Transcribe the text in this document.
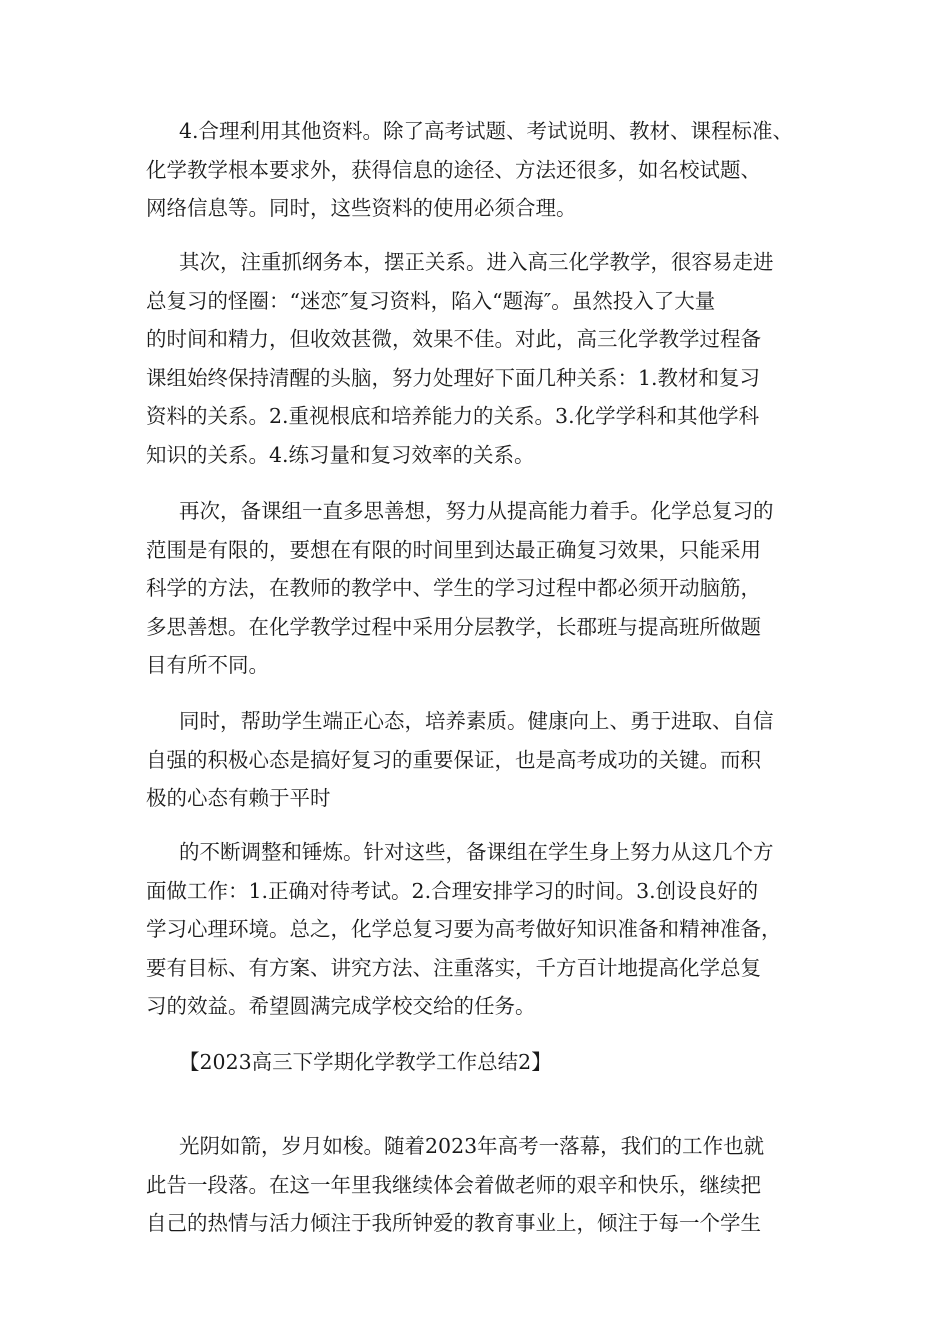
4.合理利用其他资料。除了高考试题、考试说明、教材、课程标准、
化学教学根本要求外，获得信息的途径、方法还很多，如名校试题、
网络信息等。同时，这些资料的使用必须合理。

其次，注重抓纲务本，摆正关系。进入高三化学教学，很容易走进
总复习的怪圈：“迷恋″复习资料，陷入“题海″。虽然投入了大量
的时间和精力，但收效甚微，效果不佳。对此，高三化学教学过程备
课组始终保持清醒的头脑，努力处理好下面几种关系：1.教材和复习
资料的关系。2.重视根底和培养能力的关系。3.化学学科和其他学科
知识的关系。4.练习量和复习效率的关系。

再次，备课组一直多思善想，努力从提高能力着手。化学总复习的
范围是有限的，要想在有限的时间里到达最正确复习效果，只能采用
科学的方法，在教师的教学中、学生的学习过程中都必须开动脑筋，
多思善想。在化学教学过程中采用分层教学，长郡班与提高班所做题
目有所不同。

同时，帮助学生端正心态，培养素质。健康向上、勇于进取、自信
自强的积极心态是搞好复习的重要保证，也是高考成功的关键。而积
极的心态有赖于平时

的不断调整和锤炼。针对这些，备课组在学生身上努力从这几个方
面做工作：1.正确对待考试。2.合理安排学习的时间。3.创设良好的
学习心理环境。总之，化学总复习要为高考做好知识准备和精神准备，
要有目标、有方案、讲究方法、注重落实，千方百计地提高化学总复
习的效益。希望圆满完成学校交给的任务。

【2023高三下学期化学教学工作总结2】

光阴如箭，岁月如梭。随着2023年高考一落幕，我们的工作也就
此告一段落。在这一年里我继续体会着做老师的艰辛和快乐，继续把
自己的热情与活力倾注于我所钟爱的教育事业上，倾注于每一个学生
